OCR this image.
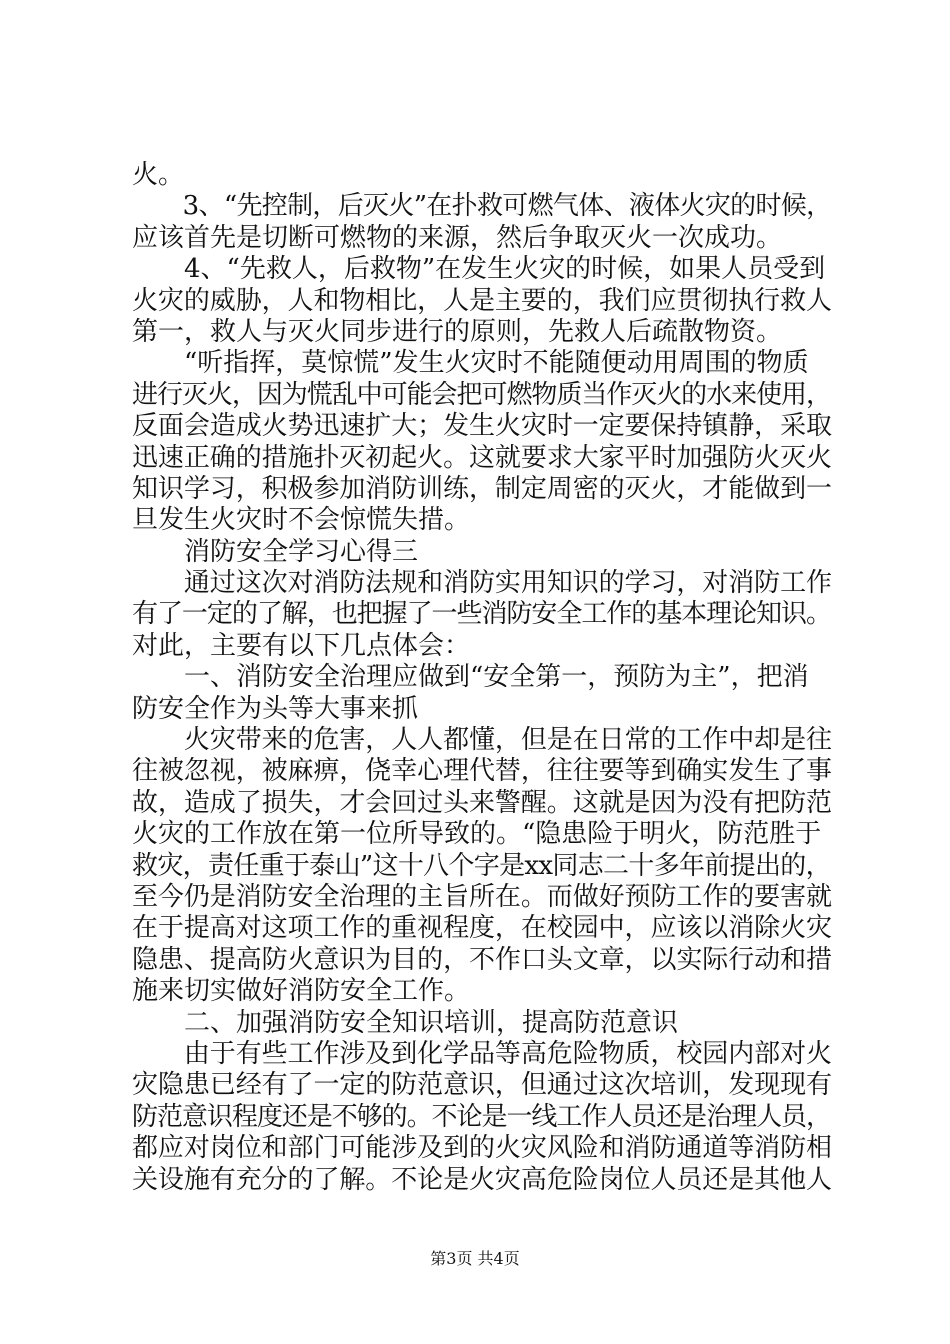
火。
　　3、“先控制，后灭火”在扑救可燃气体、液体火灾的时候，
应该首先是切断可燃物的来源，然后争取灭火一次成功。
　　4、“先救人，后救物”在发生火灾的时候，如果人员受到
火灾的威胁，人和物相比，人是主要的，我们应贯彻执行救人
第一，救人与灭火同步进行的原则，先救人后疏散物资。
　　“听指挥，莫惊慌”发生火灾时不能随便动用周围的物质
进行灭火，因为慌乱中可能会把可燃物质当作灭火的水来使用，
反面会造成火势迅速扩大；发生火灾时一定要保持镇静，采取
迅速正确的措施扑灭初起火。这就要求大家平时加强防火灭火
知识学习，积极参加消防训练，制定周密的灭火，才能做到一
旦发生火灾时不会惊慌失措。
　　消防安全学习心得三
　　通过这次对消防法规和消防实用知识的学习，对消防工作
有了一定的了解，也把握了一些消防安全工作的基本理论知识。
对此，主要有以下几点体会：
　　一、消防安全治理应做到“安全第一，预防为主”，把消
防安全作为头等大事来抓
　　火灾带来的危害，人人都懂，但是在日常的工作中却是往
往被忽视，被麻痹，侥幸心理代替，往往要等到确实发生了事
故，造成了损失，才会回过头来警醒。这就是因为没有把防范
火灾的工作放在第一位所导致的。“隐患险于明火，防范胜于
救灾，责任重于泰山”这十八个字是xx同志二十多年前提出的，
至今仍是消防安全治理的主旨所在。而做好预防工作的要害就
在于提高对这项工作的重视程度，在校园中，应该以消除火灾
隐患、提高防火意识为目的，不作口头文章，以实际行动和措
施来切实做好消防安全工作。
　　二、加强消防安全知识培训，提高防范意识
　　由于有些工作涉及到化学品等高危险物质，校园内部对火
灾隐患已经有了一定的防范意识，但通过这次培训，发现现有
防范意识程度还是不够的。不论是一线工作人员还是治理人员，
都应对岗位和部门可能涉及到的火灾风险和消防通道等消防相
关设施有充分的了解。不论是火灾高危险岗位人员还是其他人
第3页 共4页
